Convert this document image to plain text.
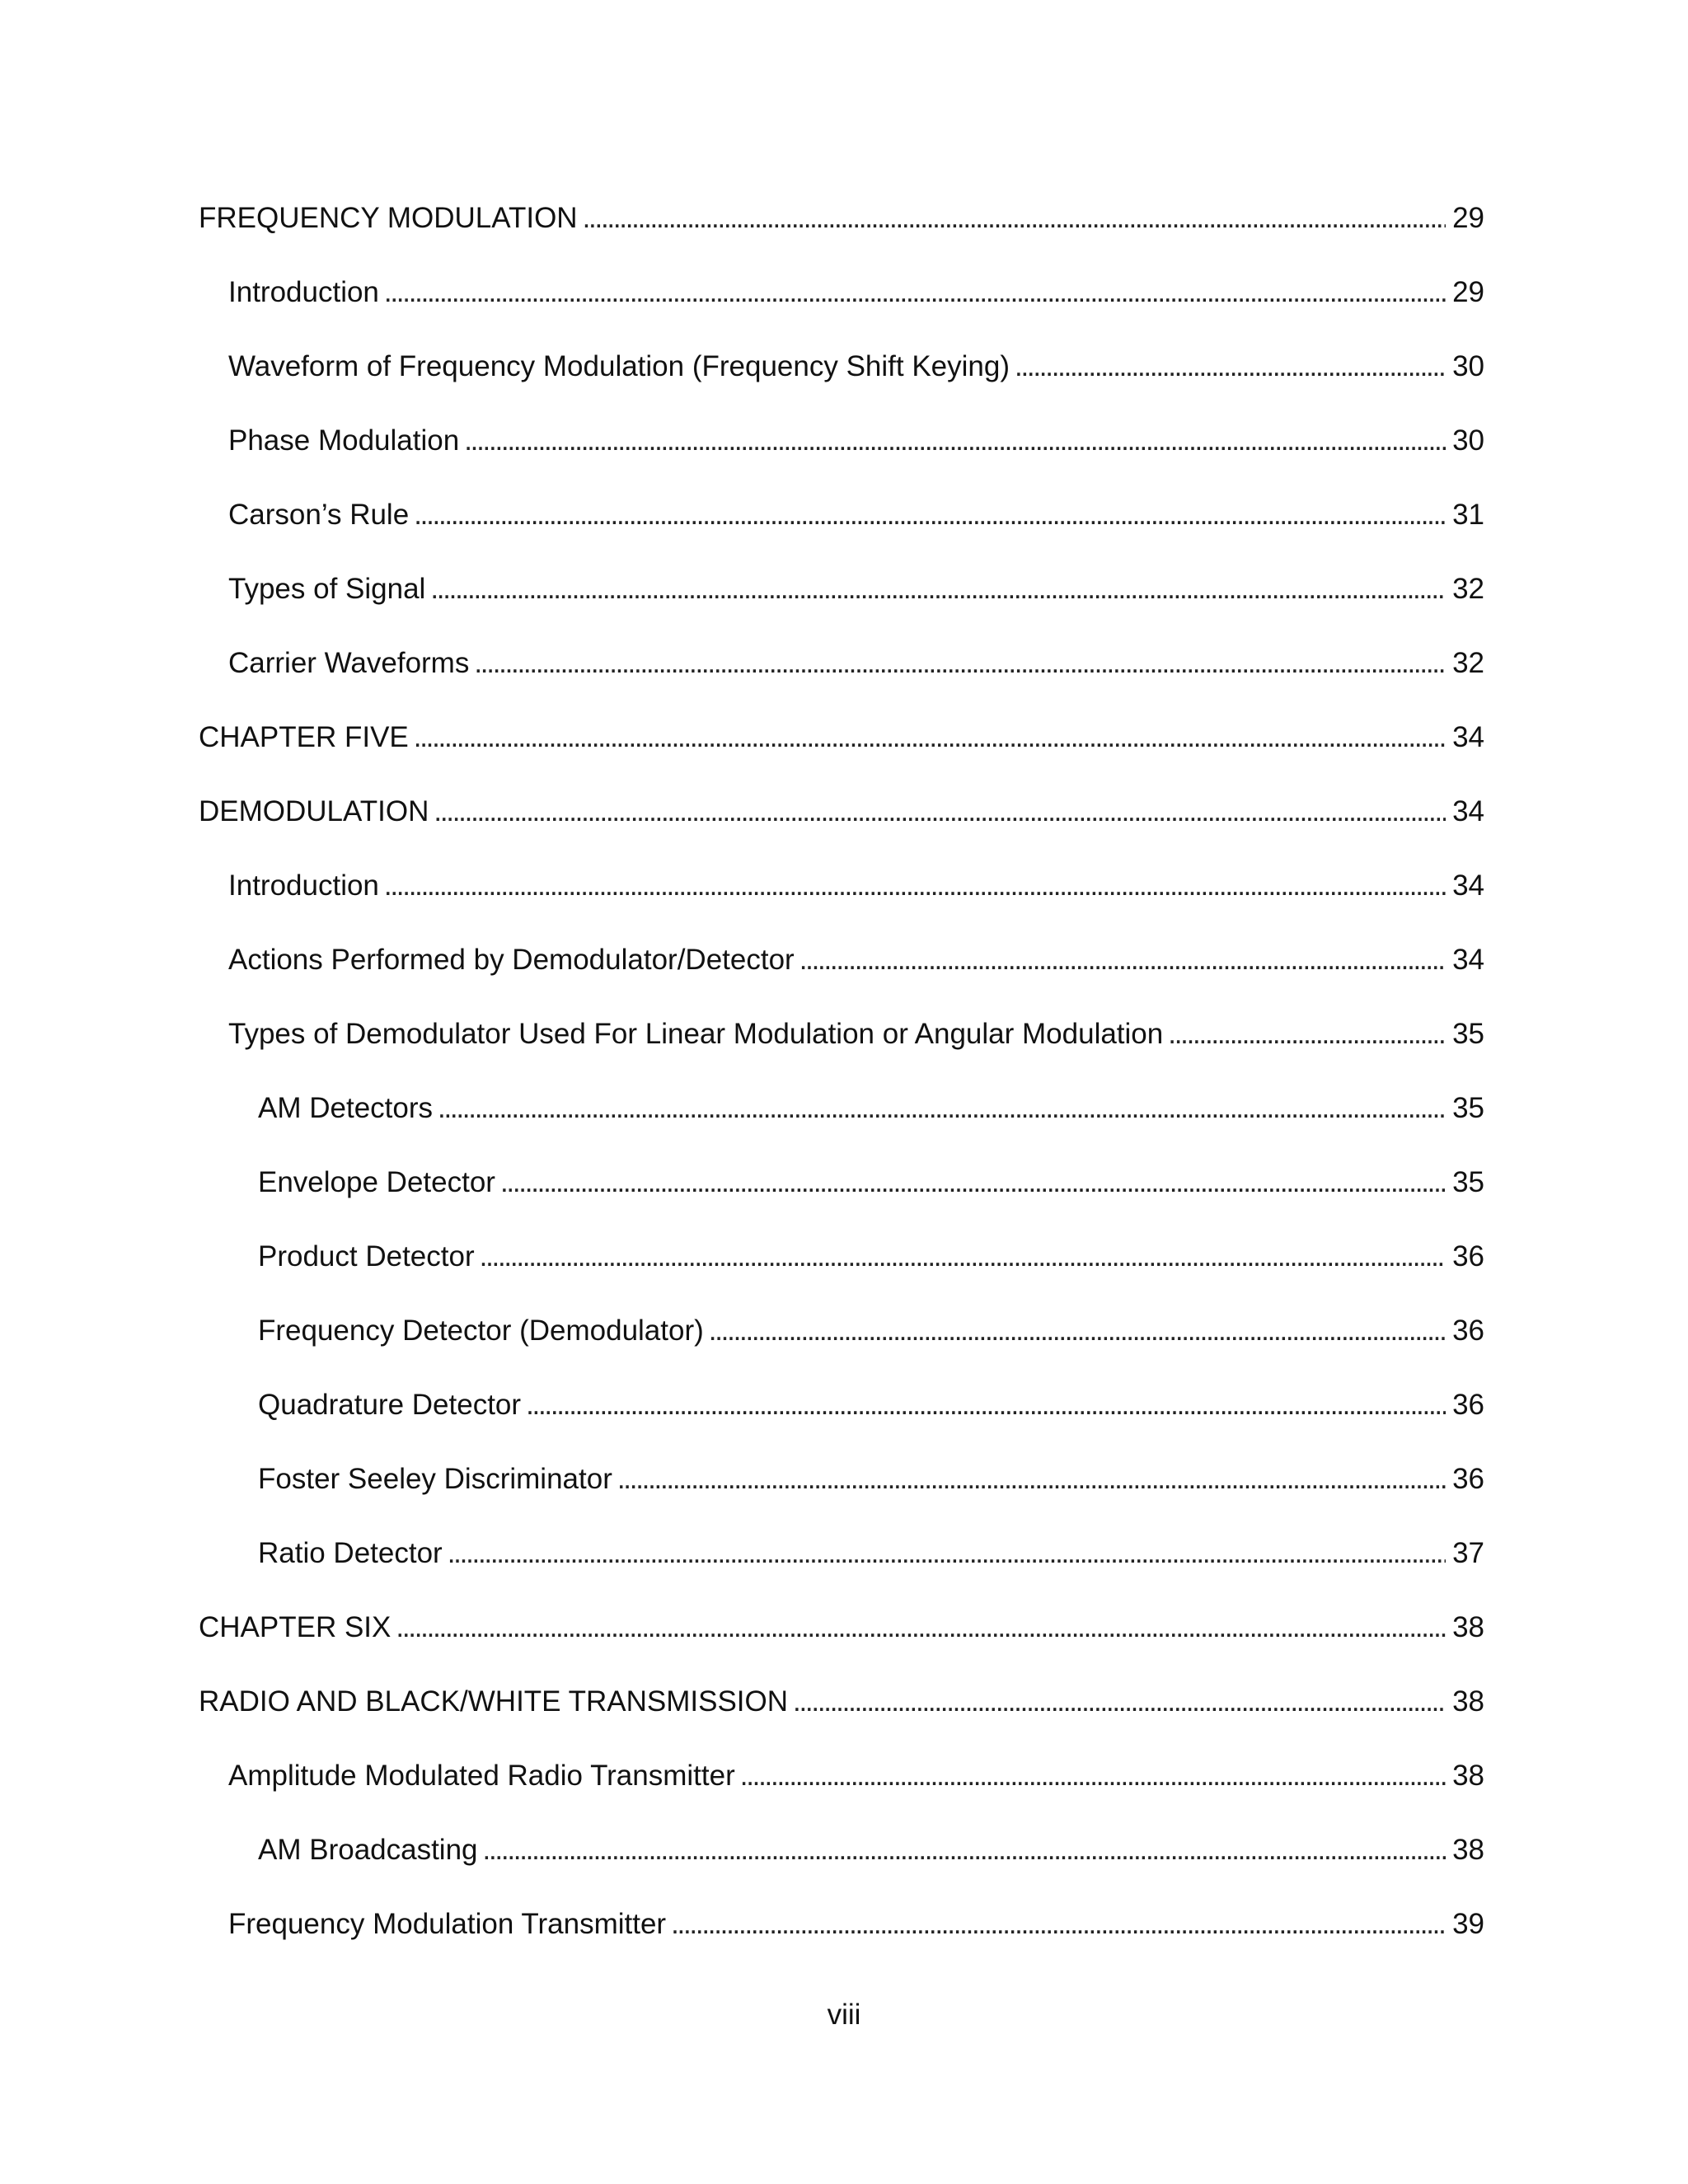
FREQUENCY MODULATION . . .	29
Introduction . . .	29
Waveform of Frequency Modulation (Frequency Shift Keying) . . .	30
Phase Modulation . . .	30
Carson’s Rule . . .	31
Types of Signal . . .	32
Carrier Waveforms . . .	32
CHAPTER FIVE . . .	34
DEMODULATION . . .	34
Introduction . . .	34
Actions Performed by Demodulator/Detector . . .	34
Types of Demodulator Used For Linear Modulation or Angular Modulation . . .	35
AM Detectors . . .	35
Envelope Detector . . .	35
Product Detector . . .	36
Frequency Detector (Demodulator) . . .	36
Quadrature Detector . . .	36
Foster Seeley Discriminator . . .	36
Ratio Detector . . .	37
CHAPTER SIX . . .	38
RADIO AND BLACK/WHITE TRANSMISSION . . .	38
Amplitude Modulated Radio Transmitter . . .	38
AM Broadcasting . . .	38
Frequency Modulation Transmitter . . .	39
viii
